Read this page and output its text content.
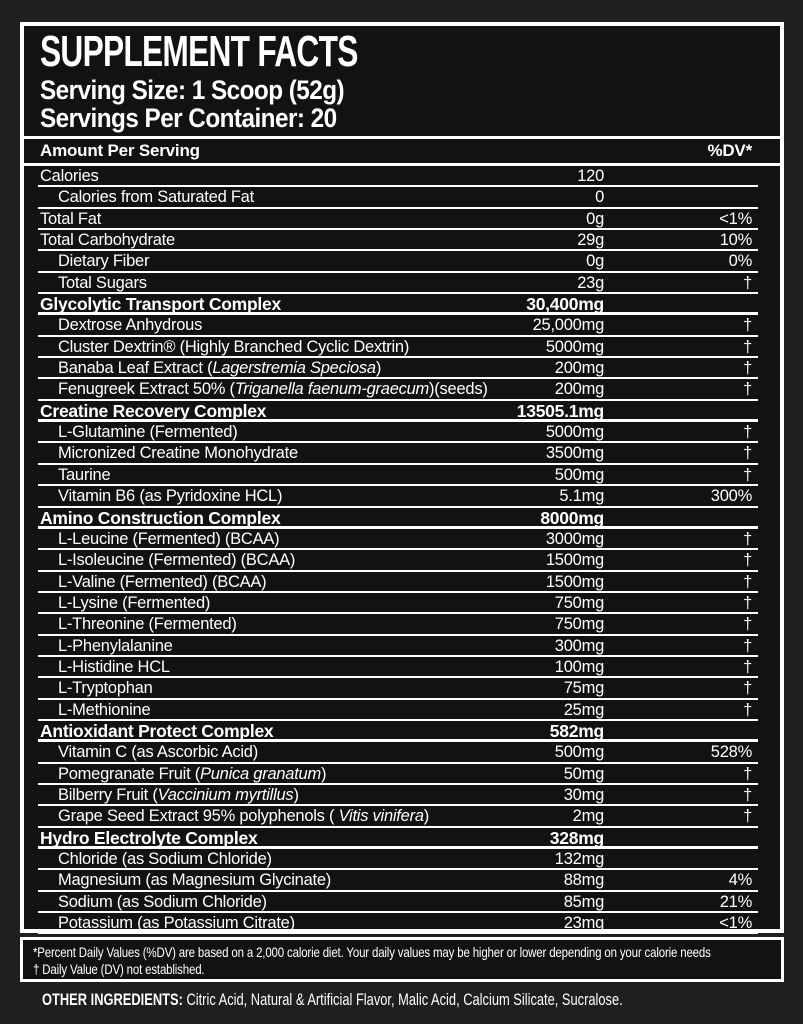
SUPPLEMENT FACTS
Serving Size: 1 Scoop (52g)
Servings Per Container: 20
Amount Per Serving	%DV*
Calories	120
Calories from Saturated Fat	0
Total Fat	0g	<1%
Total Carbohydrate	29g	10%
Dietary Fiber	0g	0%
Total Sugars	23g	†
Glycolytic Transport Complex	30,400mg
Dextrose Anhydrous	25,000mg	†
Cluster Dextrin® (Highly Branched Cyclic Dextrin)	5000mg	†
Banaba Leaf Extract (Lagerstremia Speciosa)	200mg	†
Fenugreek Extract 50% (Triganella faenum-graecum)(seeds)	200mg	†
Creatine Recovery Complex	13505.1mg
L-Glutamine (Fermented)	5000mg	†
Micronized Creatine Monohydrate	3500mg	†
Taurine	500mg	†
Vitamin B6 (as Pyridoxine HCL)	5.1mg	300%
Amino Construction Complex	8000mg
L-Leucine (Fermented) (BCAA)	3000mg	†
L-Isoleucine (Fermented) (BCAA)	1500mg	†
L-Valine (Fermented) (BCAA)	1500mg	†
L-Lysine (Fermented)	750mg	†
L-Threonine (Fermented)	750mg	†
L-Phenylalanine	300mg	†
L-Histidine HCL	100mg	†
L-Tryptophan	75mg	†
L-Methionine	25mg	†
Antioxidant Protect Complex	582mg
Vitamin C (as Ascorbic Acid)	500mg	528%
Pomegranate Fruit (Punica granatum)	50mg	†
Bilberry Fruit (Vaccinium myrtillus)	30mg	†
Grape Seed Extract 95% polyphenols ( Vitis vinifera)	2mg	†
Hydro Electrolyte Complex	328mg
Chloride (as Sodium Chloride)	132mg
Magnesium (as Magnesium Glycinate)	88mg	4%
Sodium (as Sodium Chloride)	85mg	21%
Potassium (as Potassium Citrate)	23mg	<1%
*Percent Daily Values (%DV) are based on a 2,000 calorie diet. Your daily values may be higher or lower depending on your calorie needs
† Daily Value (DV) not established.
OTHER INGREDIENTS: Citric Acid, Natural & Artificial Flavor, Malic Acid, Calcium Silicate, Sucralose.
